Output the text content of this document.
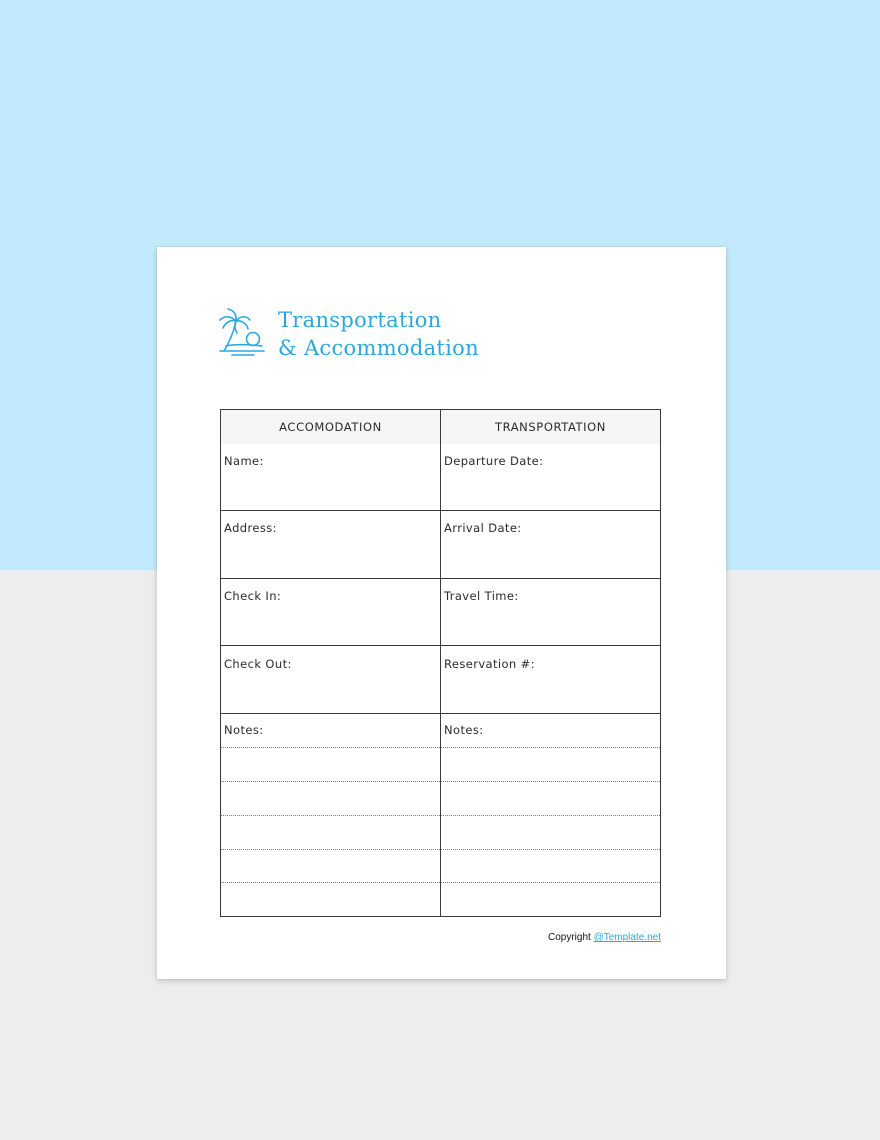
Transportation
& Accommodation
ACCOMODATION	TRANSPORTATION
Name:
Address:
Check In:
Check Out:
Departure Date:
Arrival Date:
Travel Time:
Reservation #:
Notes:	Notes:
Copyright @Template.net
